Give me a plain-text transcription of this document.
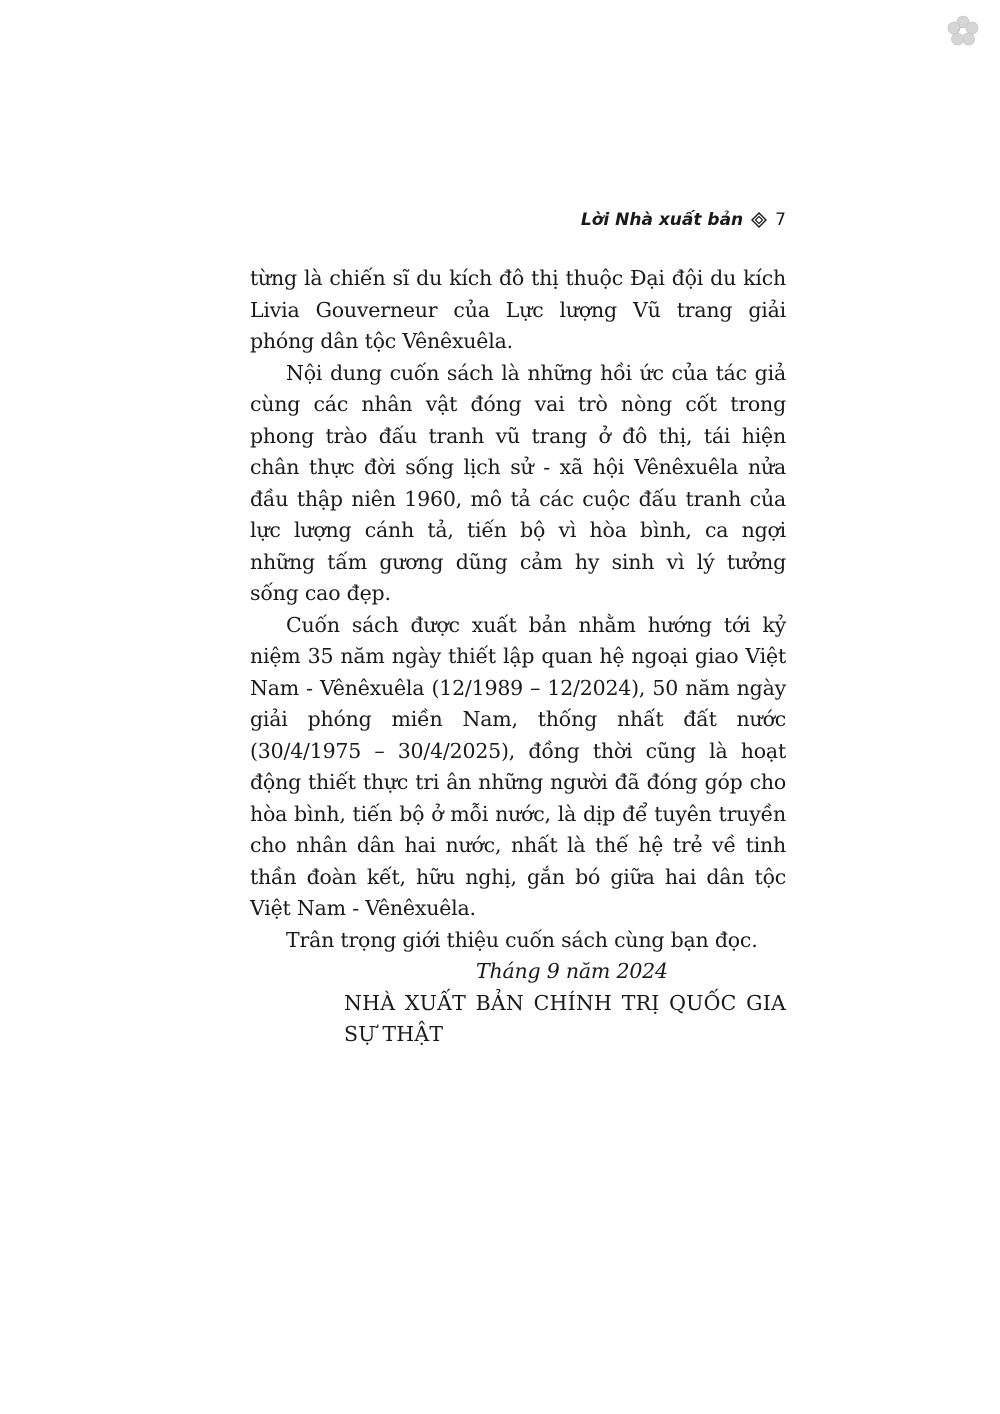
Lời Nhà xuất bản 7

từng là chiến sĩ du kích đô thị thuộc Đại đội du kích Livia Gouverneur của Lực lượng Vũ trang giải phóng dân tộc Vênêxuêla.

Nội dung cuốn sách là những hồi ức của tác giả cùng các nhân vật đóng vai trò nòng cốt trong phong trào đấu tranh vũ trang ở đô thị, tái hiện chân thực đời sống lịch sử - xã hội Vênêxuêla nửa đầu thập niên 1960, mô tả các cuộc đấu tranh của lực lượng cánh tả, tiến bộ vì hòa bình, ca ngợi những tấm gương dũng cảm hy sinh vì lý tưởng sống cao đẹp.

Cuốn sách được xuất bản nhằm hướng tới kỷ niệm 35 năm ngày thiết lập quan hệ ngoại giao Việt Nam - Vênêxuêla (12/1989 – 12/2024), 50 năm ngày giải phóng miền Nam, thống nhất đất nước (30/4/1975 – 30/4/2025), đồng thời cũng là hoạt động thiết thực tri ân những người đã đóng góp cho hòa bình, tiến bộ ở mỗi nước, là dịp để tuyên truyền cho nhân dân hai nước, nhất là thế hệ trẻ về tinh thần đoàn kết, hữu nghị, gắn bó giữa hai dân tộc Việt Nam - Vênêxuêla.

Trân trọng giới thiệu cuốn sách cùng bạn đọc.

Tháng 9 năm 2024

NHÀ XUẤT BẢN CHÍNH TRỊ QUỐC GIA SỰ THẬT
